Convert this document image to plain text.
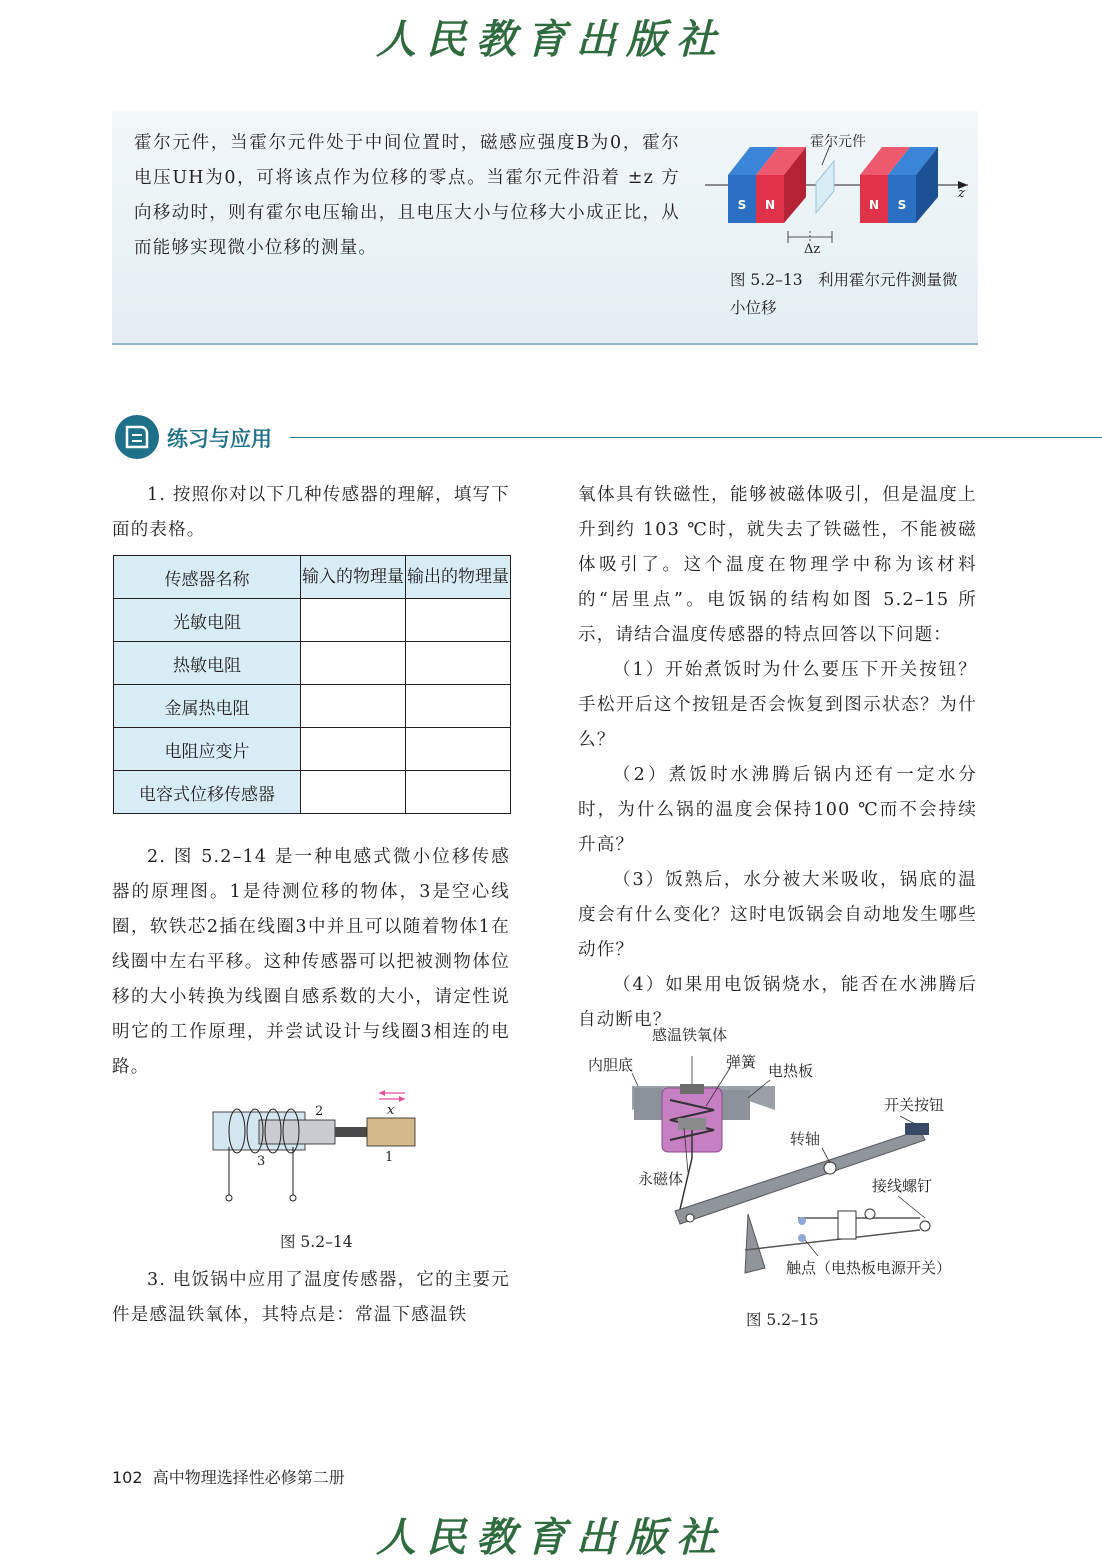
人民教育出版社

霍尔元件，当霍尔元件处于中间位置时，磁感应强度B为0，霍尔电压UH为0，可将该点作为位移的零点。当霍尔元件沿着 ±z 方向移动时，则有霍尔电压输出，且电压大小与位移大小成正比，从而能够实现微小位移的测量。

S N
霍尔元件
N S
z
Δz
图 5.2–13　利用霍尔元件测量微小位移
练习与应用

1. 按照你对以下几种传感器的理解，填写下面的表格。

传感器名称	输入的物理量	输出的物理量
光敏电阻		
热敏电阻		
金属热电阻		
电阻应变片		
电容式位移传感器		

2. 图 5.2–14 是一种电感式微小位移传感器的原理图。1是待测位移的物体，3是空心线圈，软铁芯2插在线圈3中并且可以随着物体1在线圈中左右平移。这种传感器可以把被测物体位移的大小转换为线圈自感系数的大小，请定性说明它的工作原理，并尝试设计与线圈3相连的电路。

x
2
3	1
图 5.2–14

3. 电饭锅中应用了温度传感器，它的主要元件是感温铁氧体，其特点是：常温下感温铁

氧体具有铁磁性，能够被磁体吸引，但是温度上升到约 103 ℃时，就失去了铁磁性，不能被磁体吸引了。这个温度在物理学中称为该材料的“居里点”。电饭锅的结构如图 5.2–15 所示，请结合温度传感器的特点回答以下问题：

（1）开始煮饭时为什么要压下开关按钮？手松开后这个按钮是否会恢复到图示状态？为什么？

（2）煮饭时水沸腾后锅内还有一定水分时，为什么锅的温度会保持100 ℃而不会持续升高？

（3）饭熟后，水分被大米吸收，锅底的温度会有什么变化？这时电饭锅会自动地发生哪些动作？

（4）如果用电饭锅烧水，能否在水沸腾后自动断电？

感温铁氧体
内胆底	弹簧 电热板
开关按钮
转轴
永磁体	接线螺钉
触点（电热板电源开关）
图 5.2–15
102 高中物理选择性必修第二册
人民教育出版社
